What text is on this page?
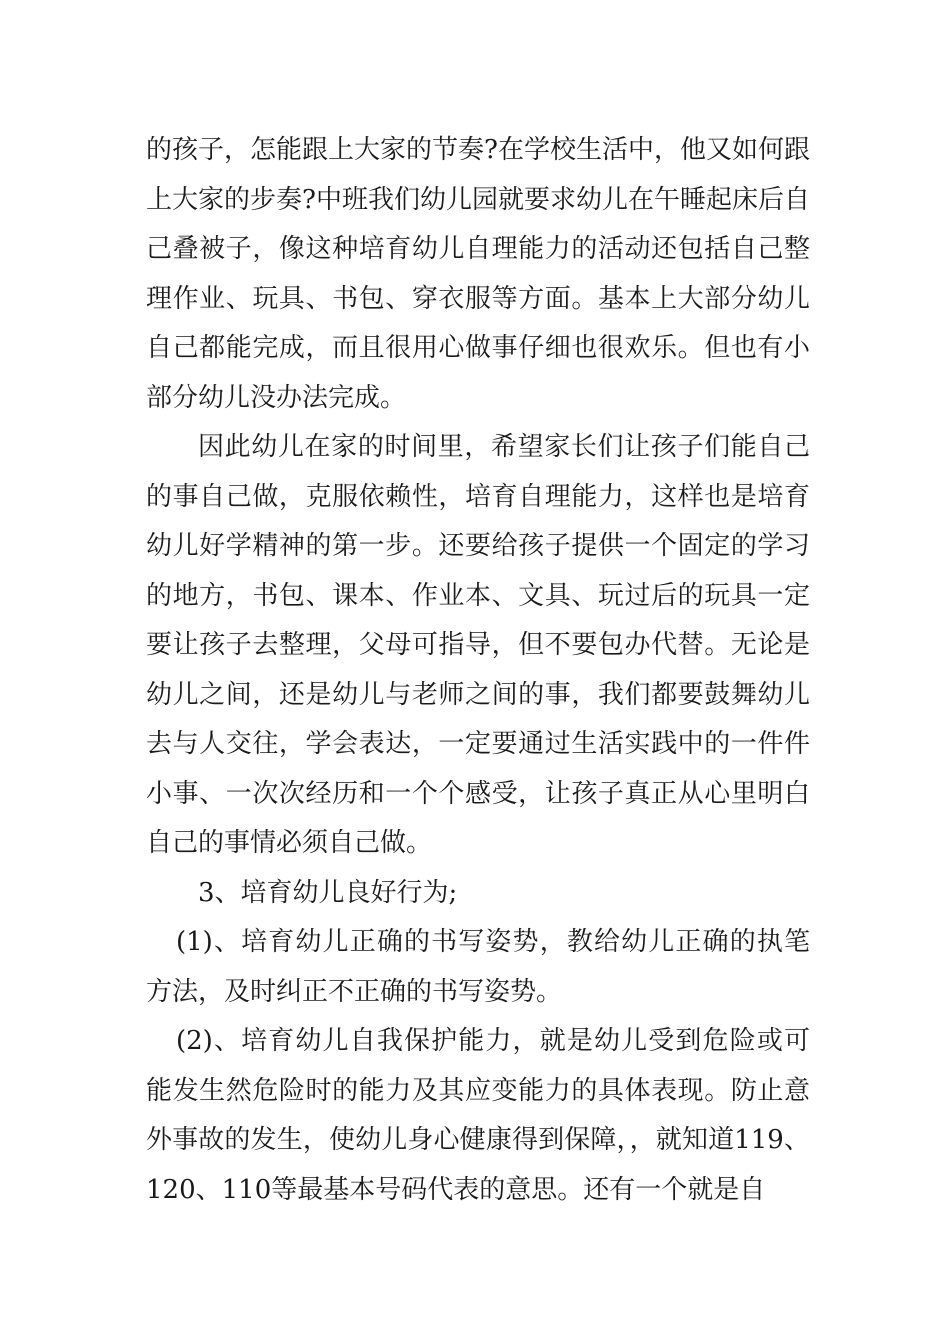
的孩子，怎能跟上大家的节奏?在学校生活中，他又如何跟上大家的步奏?中班我们幼儿园就要求幼儿在午睡起床后自己叠被子，像这种培育幼儿自理能力的活动还包括自己整理作业、玩具、书包、穿衣服等方面。基本上大部分幼儿自己都能完成，而且很用心做事仔细也很欢乐。但也有小部分幼儿没办法完成。

因此幼儿在家的时间里，希望家长们让孩子们能自己的事自己做，克服依赖性，培育自理能力，这样也是培育幼儿好学精神的第一步。还要给孩子提供一个固定的学习的地方，书包、课本、作业本、文具、玩过后的玩具一定要让孩子去整理，父母可指导，但不要包办代替。无论是幼儿之间，还是幼儿与老师之间的事，我们都要鼓舞幼儿去与人交往，学会表达，一定要通过生活实践中的一件件小事、一次次经历和一个个感受，让孩子真正从心里明白自己的事情必须自己做。

3、培育幼儿良好行为;

(1)、培育幼儿正确的书写姿势，教给幼儿正确的执笔方法，及时纠正不正确的书写姿势。

(2)、培育幼儿自我保护能力，就是幼儿受到危险或可能发生然危险时的能力及其应变能力的具体表现。防止意外事故的发生，使幼儿身心健康得到保障，，就知道119、120、110等最基本号码代表的意思。还有一个就是自
